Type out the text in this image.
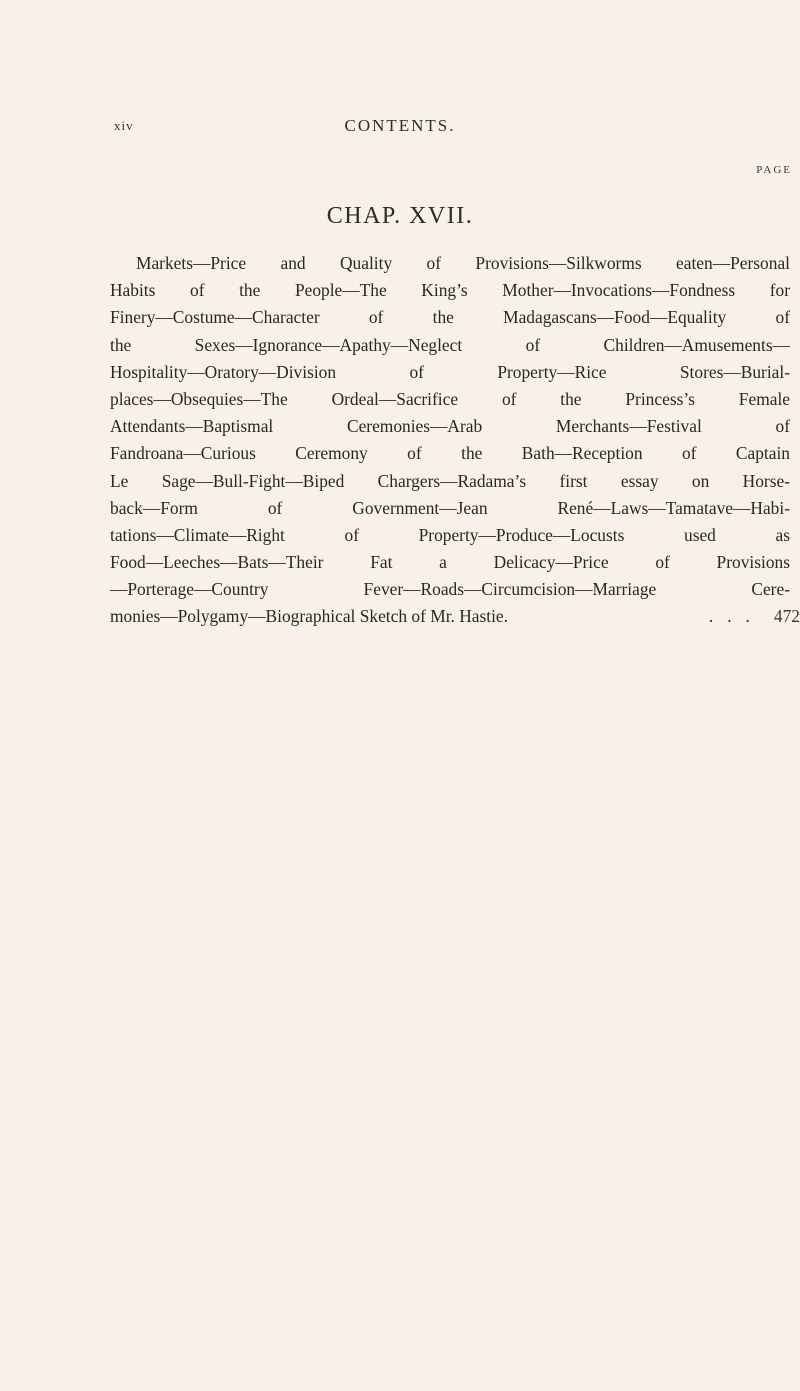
xiv	CONTENTS.
PAGE
CHAP. XVII.
Markets—Price and Quality of Provisions—Silkworms eaten—Personal
Habits of the People—The King’s Mother—Invocations—Fondness for
Finery—Costume—Character of the Madagascans—Food—Equality of
the Sexes—Ignorance—Apathy—Neglect of Children—Amusements—
Hospitality—Oratory—Division of Property—Rice Stores—Burial-
places—Obsequies—The Ordeal—Sacrifice of the Princess’s Female
Attendants—Baptismal Ceremonies—Arab Merchants—Festival of
Fandroana—Curious Ceremony of the Bath—Reception of Captain
Le Sage—Bull-Fight—Biped Chargers—Radama’s first essay on Horse-
back—Form of Government—Jean René—Laws—Tamatave—Habi-
tations—Climate—Right of Property—Produce—Locusts used as
Food—Leeches—Bats—Their Fat a Delicacy—Price of Provisions
—Porterage—Country Fever—Roads—Circumcision—Marriage Cere-
monies—Polygamy—Biographical Sketch of Mr. Hastie.	... 472
